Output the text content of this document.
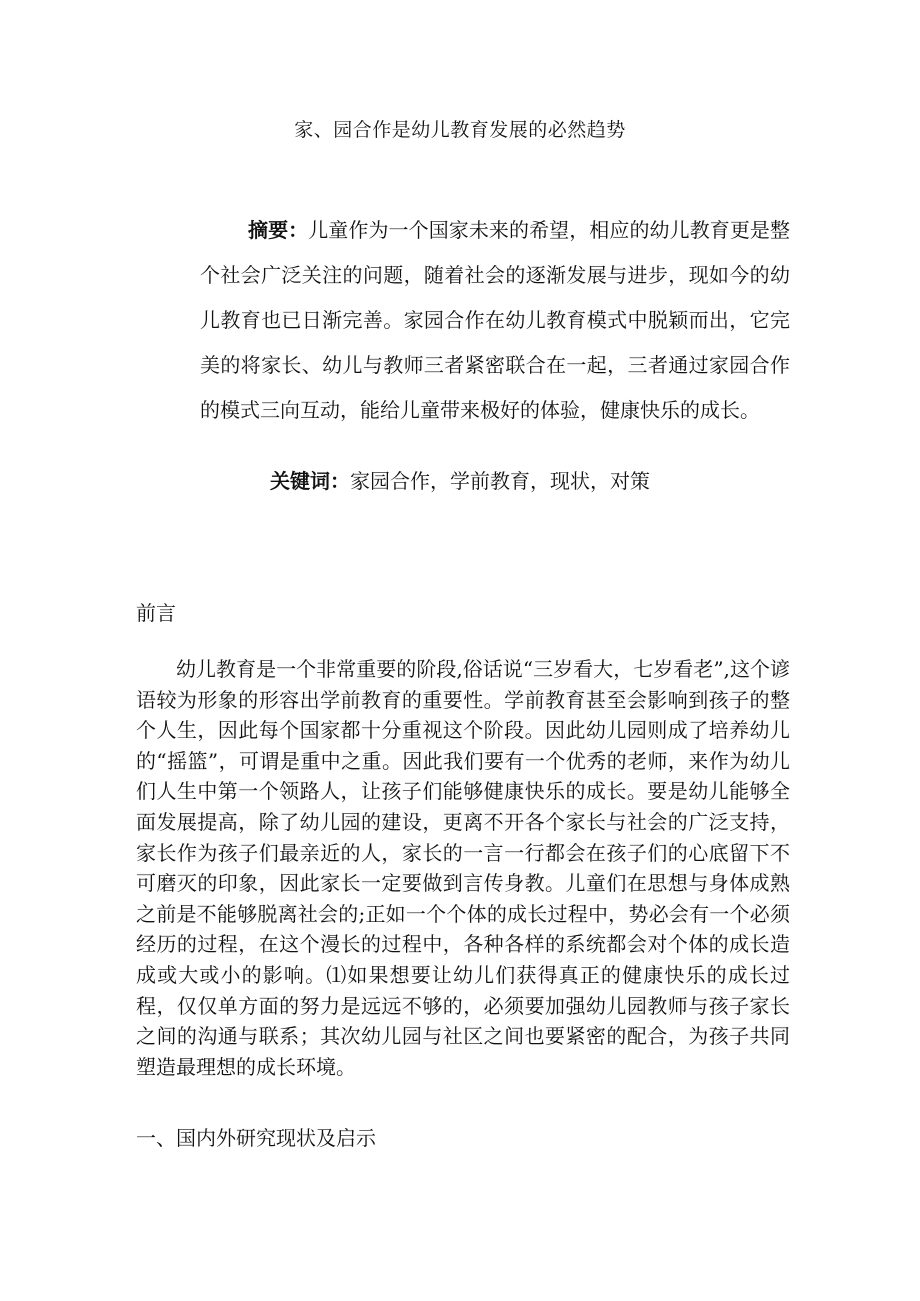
家、园合作是幼儿教育发展的必然趋势

摘要：儿童作为一个国家未来的希望，相应的幼儿教育更是整个社会广泛关注的问题，随着社会的逐渐发展与进步，现如今的幼儿教育也已日渐完善。家园合作在幼儿教育模式中脱颖而出，它完美的将家长、幼儿与教师三者紧密联合在一起，三者通过家园合作的模式三向互动，能给儿童带来极好的体验，健康快乐的成长。

关键词：家园合作，学前教育，现状，对策
前言

幼儿教育是一个非常重要的阶段,俗话说“三岁看大，七岁看老”,这个谚语较为形象的形容出学前教育的重要性。学前教育甚至会影响到孩子的整个人生，因此每个国家都十分重视这个阶段。因此幼儿园则成了培养幼儿的“摇篮”，可谓是重中之重。因此我们要有一个优秀的老师，来作为幼儿们人生中第一个领路人，让孩子们能够健康快乐的成长。要是幼儿能够全面发展提高，除了幼儿园的建设，更离不开各个家长与社会的广泛支持，家长作为孩子们最亲近的人，家长的一言一行都会在孩子们的心底留下不可磨灭的印象，因此家长一定要做到言传身教。儿童们在思想与身体成熟之前是不能够脱离社会的;正如一个个体的成长过程中，势必会有一个必须经历的过程，在这个漫长的过程中，各种各样的系统都会对个体的成长造成或大或小的影响。⑴如果想要让幼儿们获得真正的健康快乐的成长过程，仅仅单方面的努力是远远不够的，必须要加强幼儿园教师与孩子家长之间的沟通与联系；其次幼儿园与社区之间也要紧密的配合，为孩子共同塑造最理想的成长环境。

一、国内外研究现状及启示
